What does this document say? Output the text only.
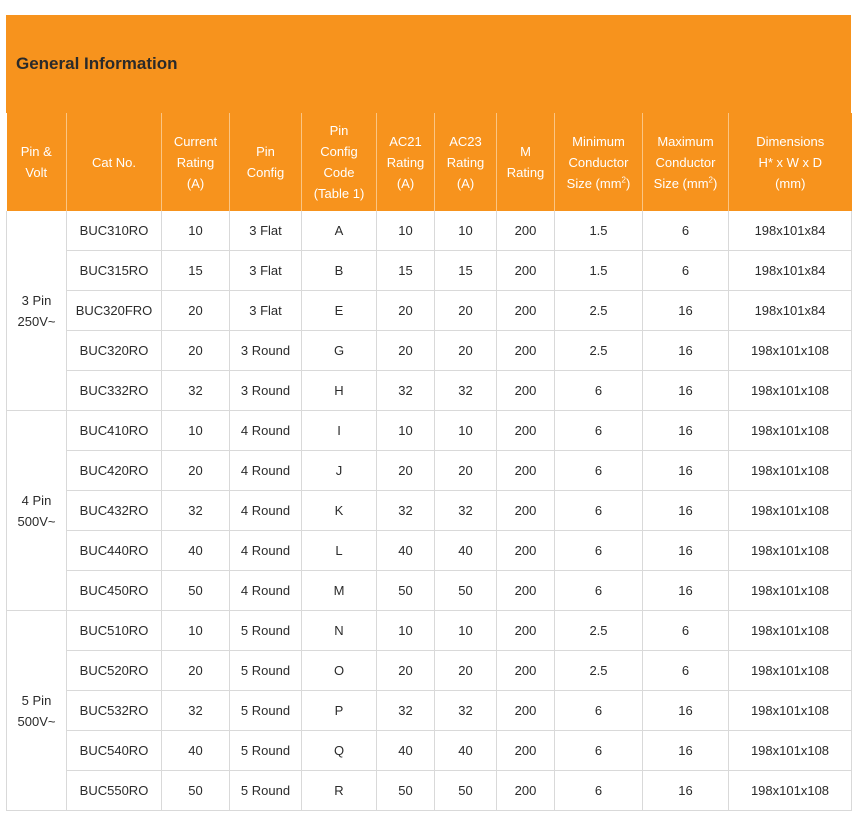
General Information
Pin &
Volt	Cat No.	Current
Rating
(A)	Pin
Config	Pin
Config
Code
(Table 1)	AC21
Rating
(A)	AC23
Rating
(A)	M
Rating	Minimum
Conductor
Size $(mm^2)$	Maximum
Conductor
Size $(mm^2)$	Dimensions
H* x W x D
(mm)
3 Pin
250V~	BUC310RO	10	3 Flat	A	10	10	200	1.5	6	198x101x84
	BUC315RO	15	3 Flat	B	15	15	200	1.5	6	198x101x84
	BUC320FRO	20	3 Flat	E	20	20	200	2.5	16	198x101x84
	BUC320RO	20	3 Round	G	20	20	200	2.5	16	198x101x108
	BUC332RO	32	3 Round	H	32	32	200	6	16	198x101x108
4 Pin
500V~	BUC410RO	10	4 Round	I	10	10	200	6	16	198x101x108
	BUC420RO	20	4 Round	J	20	20	200	6	16	198x101x108
	BUC432RO	32	4 Round	K	32	32	200	6	16	198x101x108
	BUC440RO	40	4 Round	L	40	40	200	6	16	198x101x108
	BUC450RO	50	4 Round	M	50	50	200	6	16	198x101x108
5 Pin
500V~	BUC510RO	10	5 Round	N	10	10	200	2.5	6	198x101x108
	BUC520RO	20	5 Round	O	20	20	200	2.5	6	198x101x108
	BUC532RO	32	5 Round	P	32	32	200	6	16	198x101x108
	BUC540RO	40	5 Round	Q	40	40	200	6	16	198x101x108
	BUC550RO	50	5 Round	R	50	50	200	6	16	198x101x108
